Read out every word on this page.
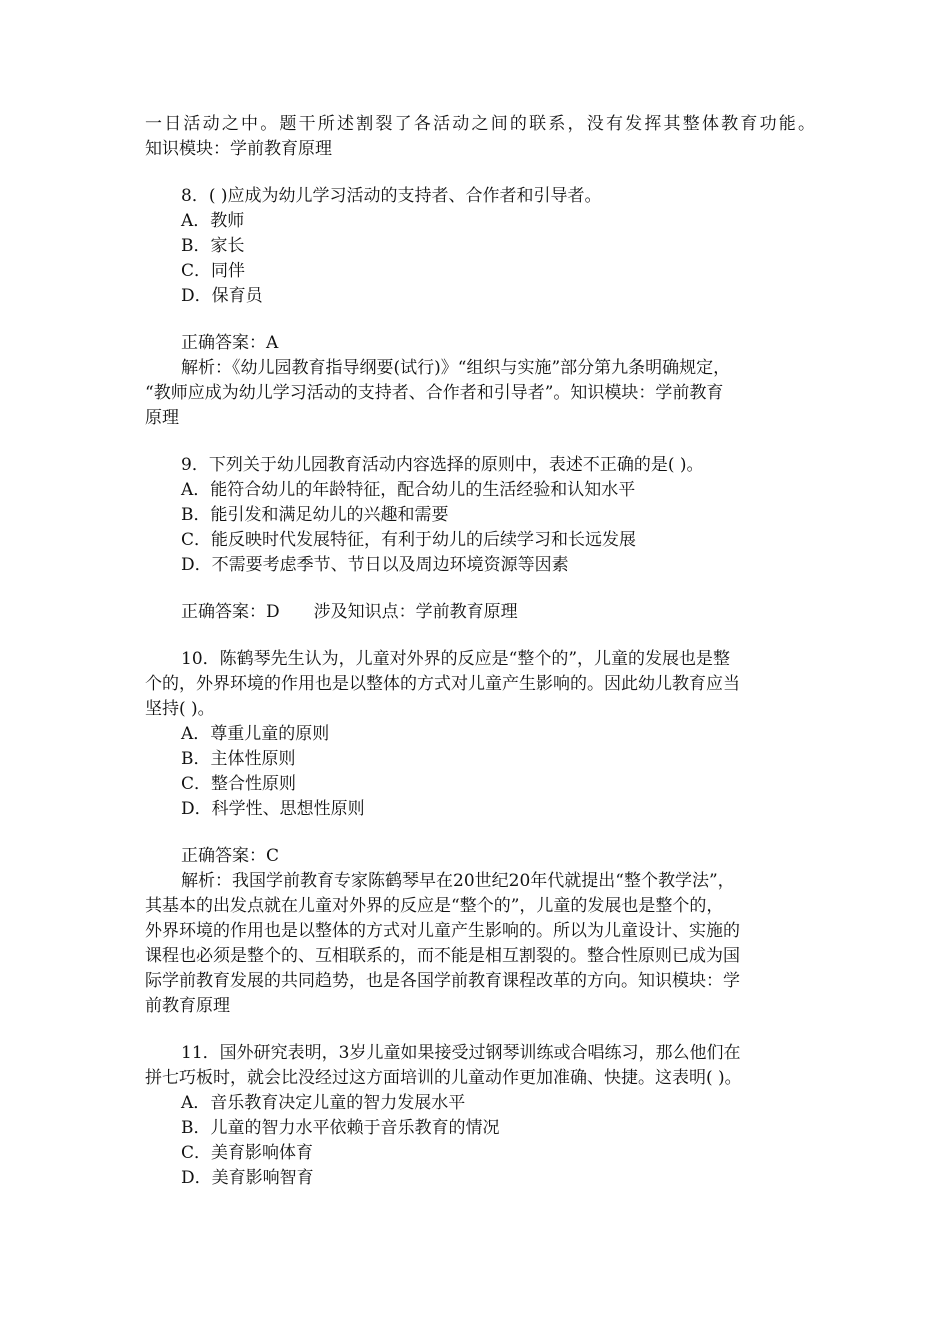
一日活动之中。题干所述割裂了各活动之间的联系，没有发挥其整体教育功能。
知识模块：学前教育原理
8．( )应成为幼儿学习活动的支持者、合作者和引导者。
A．教师
B．家长
C．同伴
D．保育员
正确答案：A
解析：《幼儿园教育指导纲要(试行)》“组织与实施”部分第九条明确规定，
“教师应成为幼儿学习活动的支持者、合作者和引导者”。知识模块：学前教育
原理
9．下列关于幼儿园教育活动内容选择的原则中，表述不正确的是( )。
A．能符合幼儿的年龄特征，配合幼儿的生活经验和认知水平
B．能引发和满足幼儿的兴趣和需要
C．能反映时代发展特征，有利于幼儿的后续学习和长远发展
D．不需要考虑季节、节日以及周边环境资源等因素
正确答案：D　　涉及知识点：学前教育原理
10．陈鹤琴先生认为，儿童对外界的反应是“整个的”，儿童的发展也是整
个的，外界环境的作用也是以整体的方式对儿童产生影响的。因此幼儿教育应当
坚持( )。
A．尊重儿童的原则
B．主体性原则
C．整合性原则
D．科学性、思想性原则
正确答案：C
解析：我国学前教育专家陈鹤琴早在20世纪20年代就提出“整个教学法”，
其基本的出发点就在儿童对外界的反应是“整个的”，儿童的发展也是整个的，
外界环境的作用也是以整体的方式对儿童产生影响的。所以为儿童设计、实施的
课程也必须是整个的、互相联系的，而不能是相互割裂的。整合性原则已成为国
际学前教育发展的共同趋势，也是各国学前教育课程改革的方向。知识模块：学
前教育原理
11．国外研究表明，3岁儿童如果接受过钢琴训练或合唱练习，那么他们在
拼七巧板时，就会比没经过这方面培训的儿童动作更加准确、快捷。这表明( )。
A．音乐教育决定儿童的智力发展水平
B．儿童的智力水平依赖于音乐教育的情况
C．美育影响体育
D．美育影响智育
